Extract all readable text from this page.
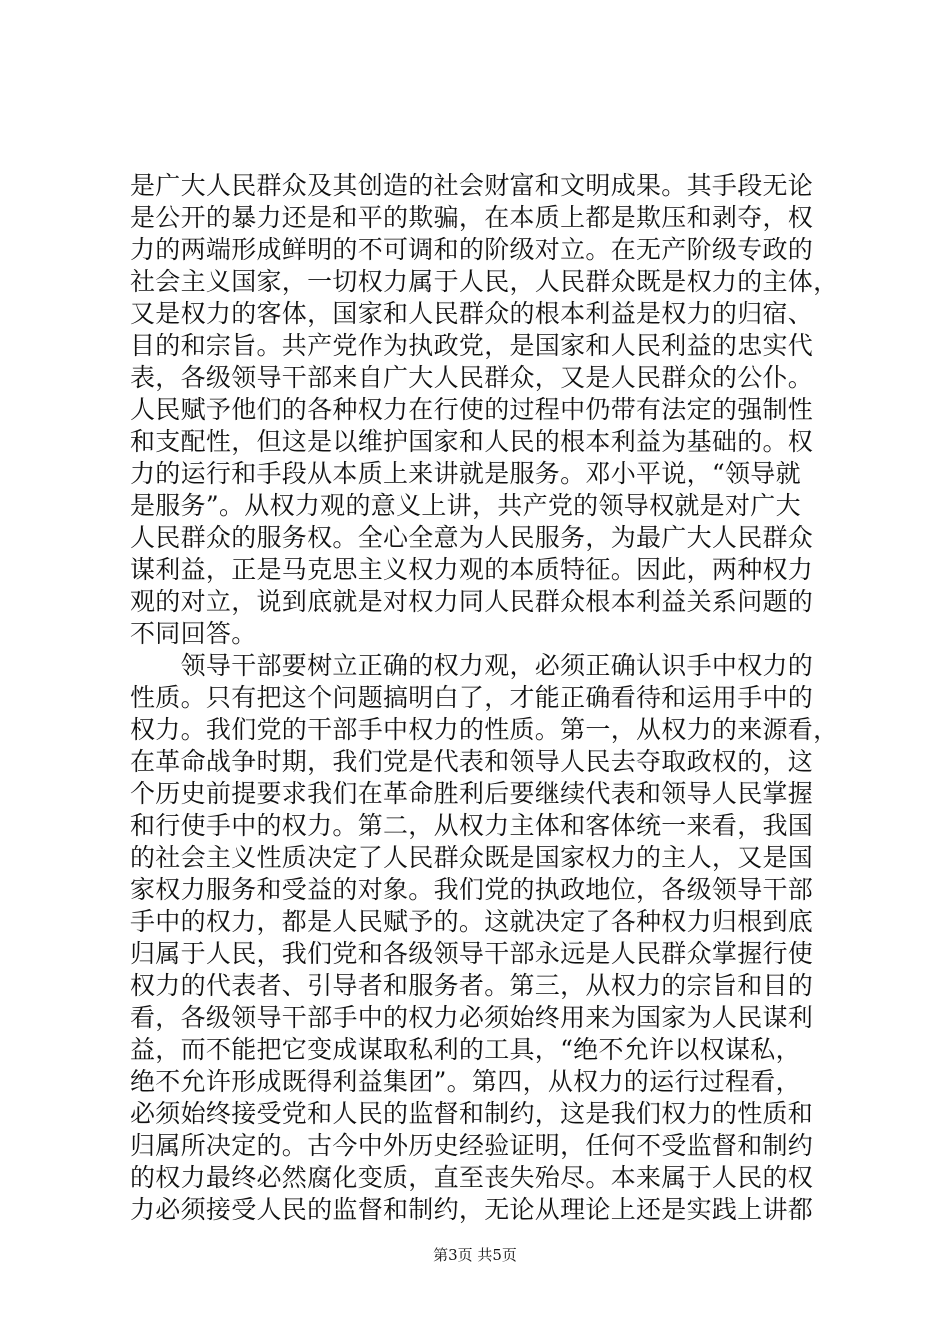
是广大人民群众及其创造的社会财富和文明成果。其手段无论
是公开的暴力还是和平的欺骗，在本质上都是欺压和剥夺，权
力的两端形成鲜明的不可调和的阶级对立。在无产阶级专政的
社会主义国家，一切权力属于人民，人民群众既是权力的主体，
又是权力的客体，国家和人民群众的根本利益是权力的归宿、
目的和宗旨。共产党作为执政党，是国家和人民利益的忠实代
表，各级领导干部来自广大人民群众，又是人民群众的公仆。
人民赋予他们的各种权力在行使的过程中仍带有法定的强制性
和支配性，但这是以维护国家和人民的根本利益为基础的。权
力的运行和手段从本质上来讲就是服务。邓小平说，“领导就
是服务”。从权力观的意义上讲，共产党的领导权就是对广大
人民群众的服务权。全心全意为人民服务，为最广大人民群众
谋利益，正是马克思主义权力观的本质特征。因此，两种权力
观的对立，说到底就是对权力同人民群众根本利益关系问题的
不同回答。
　　领导干部要树立正确的权力观，必须正确认识手中权力的
性质。只有把这个问题搞明白了，才能正确看待和运用手中的
权力。我们党的干部手中权力的性质。第一，从权力的来源看，
在革命战争时期，我们党是代表和领导人民去夺取政权的，这
个历史前提要求我们在革命胜利后要继续代表和领导人民掌握
和行使手中的权力。第二，从权力主体和客体统一来看，我国
的社会主义性质决定了人民群众既是国家权力的主人，又是国
家权力服务和受益的对象。我们党的执政地位，各级领导干部
手中的权力，都是人民赋予的。这就决定了各种权力归根到底
归属于人民，我们党和各级领导干部永远是人民群众掌握行使
权力的代表者、引导者和服务者。第三，从权力的宗旨和目的
看，各级领导干部手中的权力必须始终用来为国家为人民谋利
益，而不能把它变成谋取私利的工具，“绝不允许以权谋私，
绝不允许形成既得利益集团”。第四，从权力的运行过程看，
必须始终接受党和人民的监督和制约，这是我们权力的性质和
归属所决定的。古今中外历史经验证明，任何不受监督和制约
的权力最终必然腐化变质，直至丧失殆尽。本来属于人民的权
力必须接受人民的监督和制约，无论从理论上还是实践上讲都
第3页 共5页
